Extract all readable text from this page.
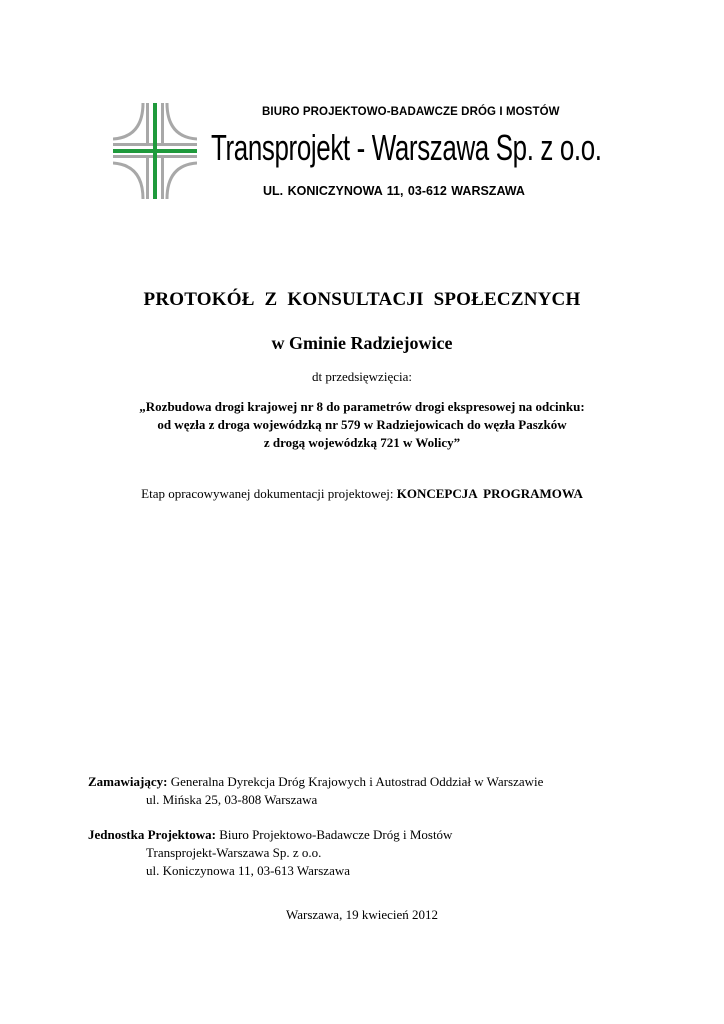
BIURO PROJEKTOWO-BADAWCZE DRÓG I MOSTÓW
Transprojekt - Warszawa Sp. z o.o.
UL. KONICZYNOWA 11, 03-612 WARSZAWA
PROTOKÓŁ Z KONSULTACJI SPOŁECZNYCH
w Gminie Radziejowice
dt przedsięwzięcia:
„Rozbudowa drogi krajowej nr 8 do parametrów drogi ekspresowej na odcinku:
od węzła z droga wojewódzką nr 579 w Radziejowicach do węzła Paszków
z drogą wojewódzką 721 w Wolicy”
Etap opracowywanej dokumentacji projektowej: KONCEPCJA PROGRAMOWA
Zamawiający: Generalna Dyrekcja Dróg Krajowych i Autostrad Oddział w Warszawie
ul. Mińska 25, 03-808 Warszawa
Jednostka Projektowa: Biuro Projektowo-Badawcze Dróg i Mostów
Transprojekt-Warszawa Sp. z o.o.
ul. Koniczynowa 11, 03-613 Warszawa
Warszawa, 19 kwiecień 2012
